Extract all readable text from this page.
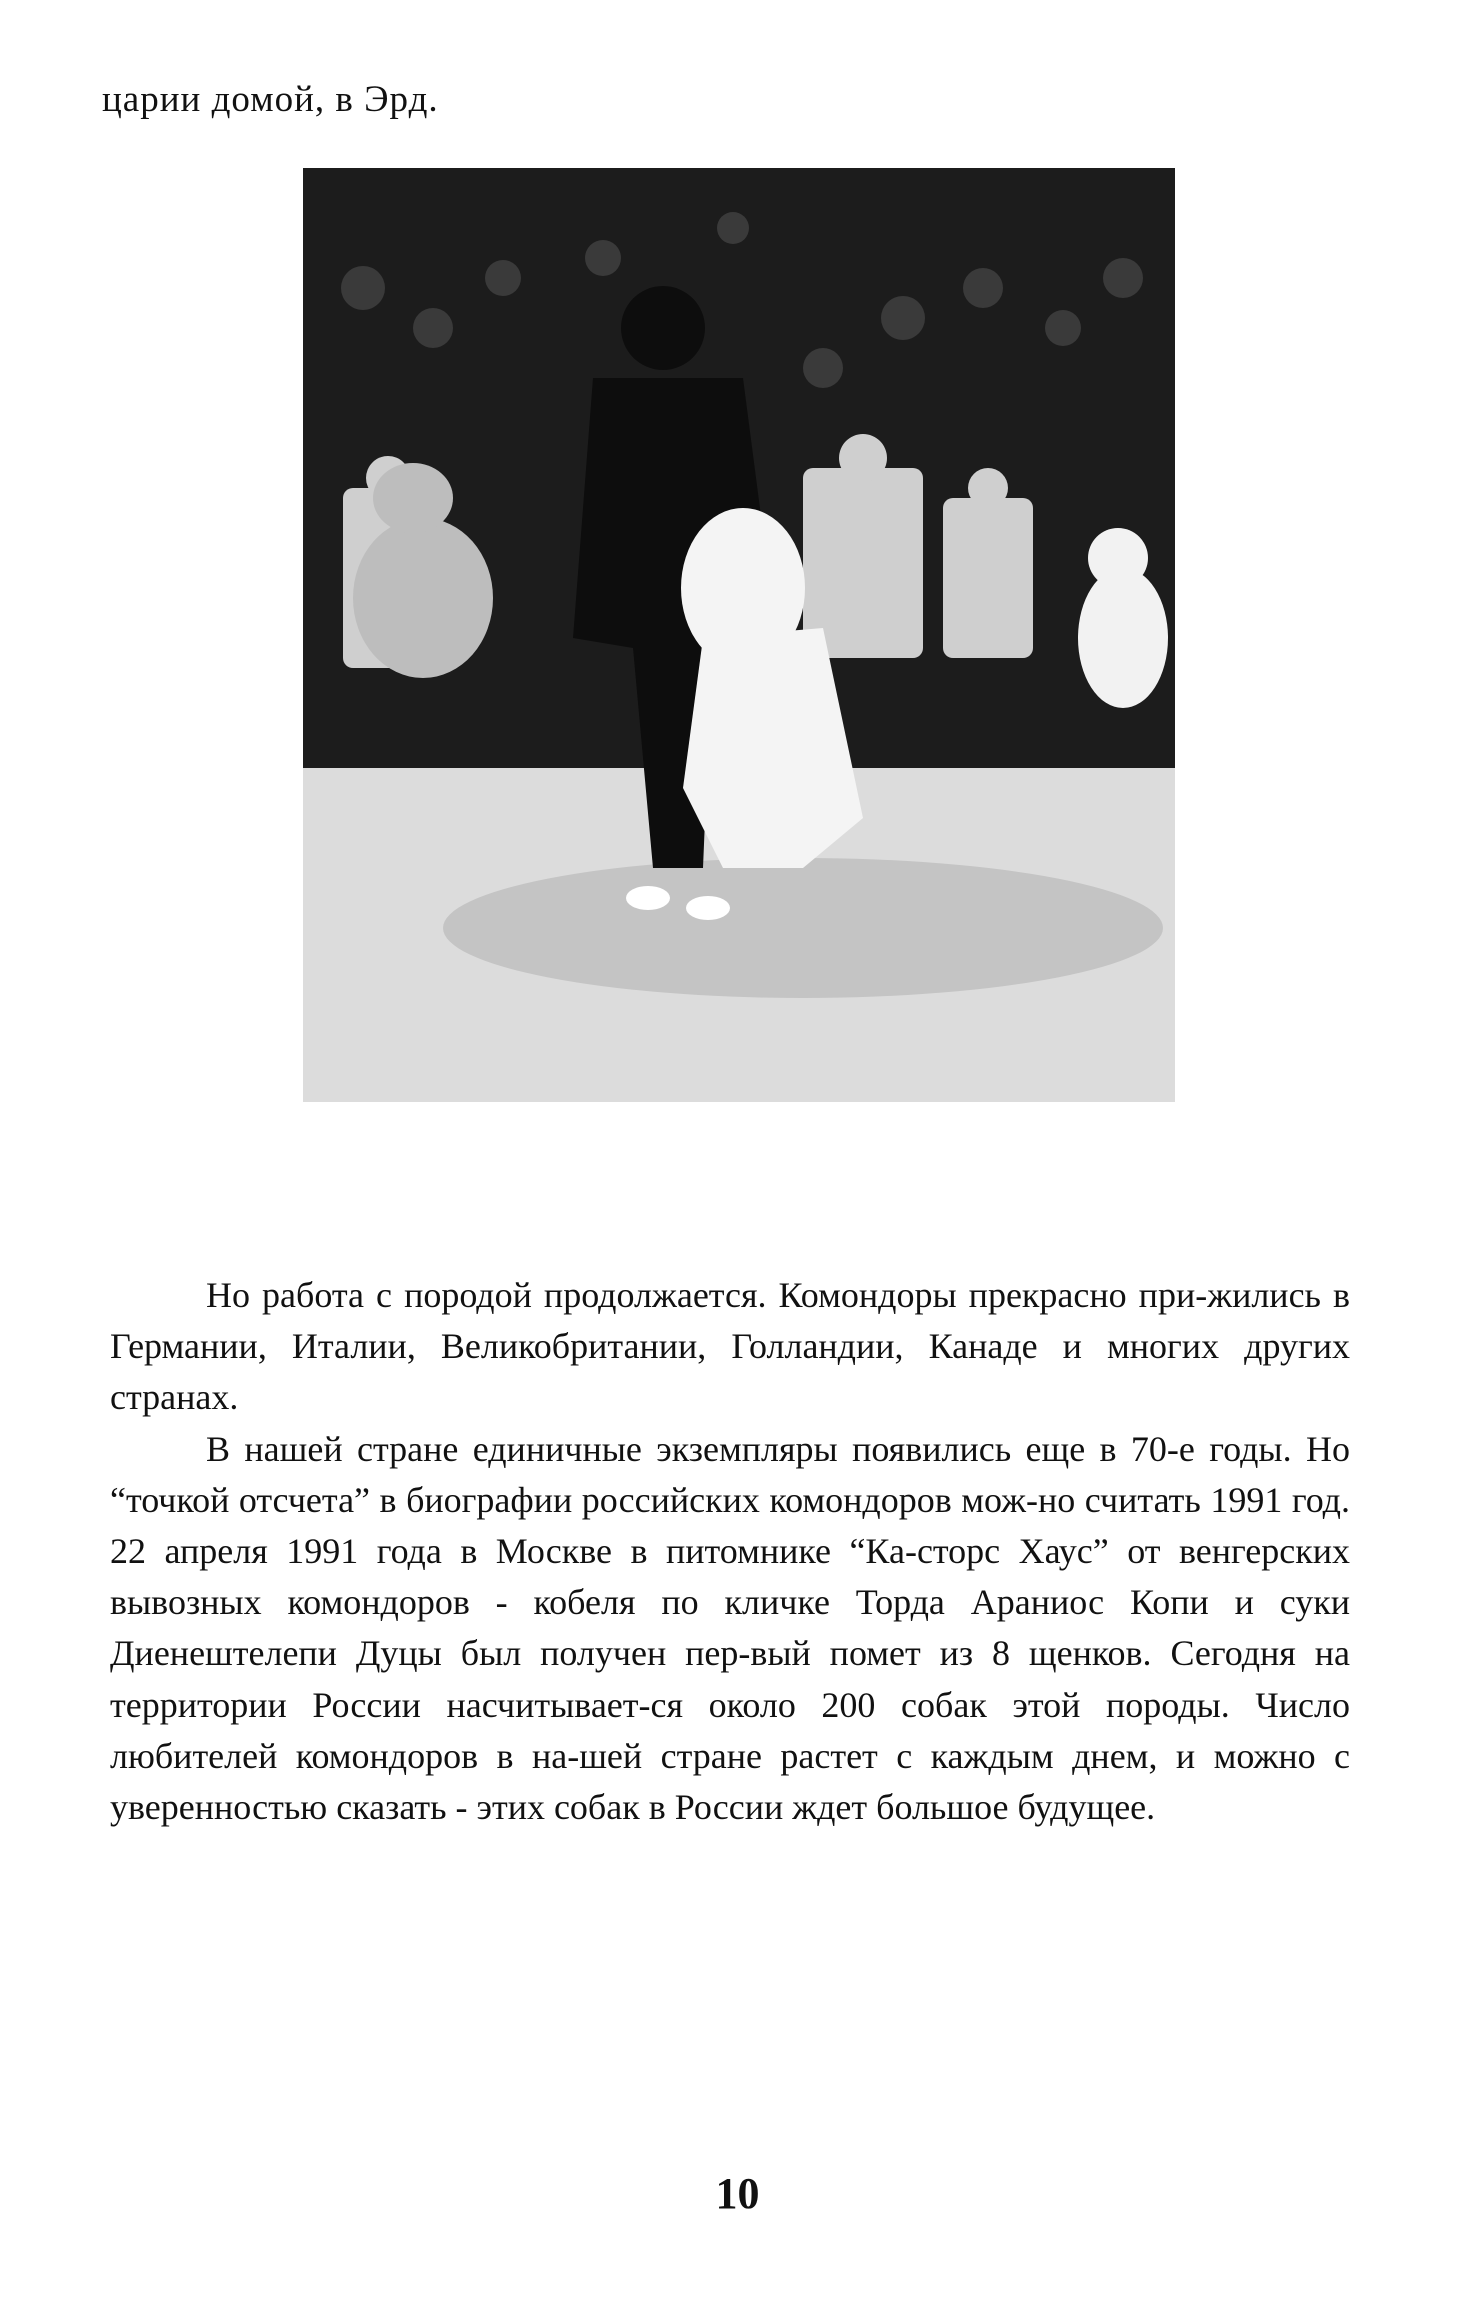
царии домой, в Эрд.

Но работа с породой продолжается. Комондоры прекрасно при-жились в Германии, Италии, Великобритании, Голландии, Канаде и многих других странах.

В нашей стране единичные экземпляры появились еще в 70-е годы. Но “точкой отсчета” в биографии российских комондоров мож-но считать 1991 год. 22 апреля 1991 года в Москве в питомнике “Ка-сторс Хаус” от венгерских вывозных комондоров - кобеля по кличке Торда Араниос Копи и суки Диенештелепи Дуцы был получен пер-вый помет из 8 щенков. Сегодня на территории России насчитывает-ся около 200 собак этой породы. Число любителей комондоров в на-шей стране растет с каждым днем, и можно с уверенностью сказать - этих собак в России ждет большое будущее.

10
